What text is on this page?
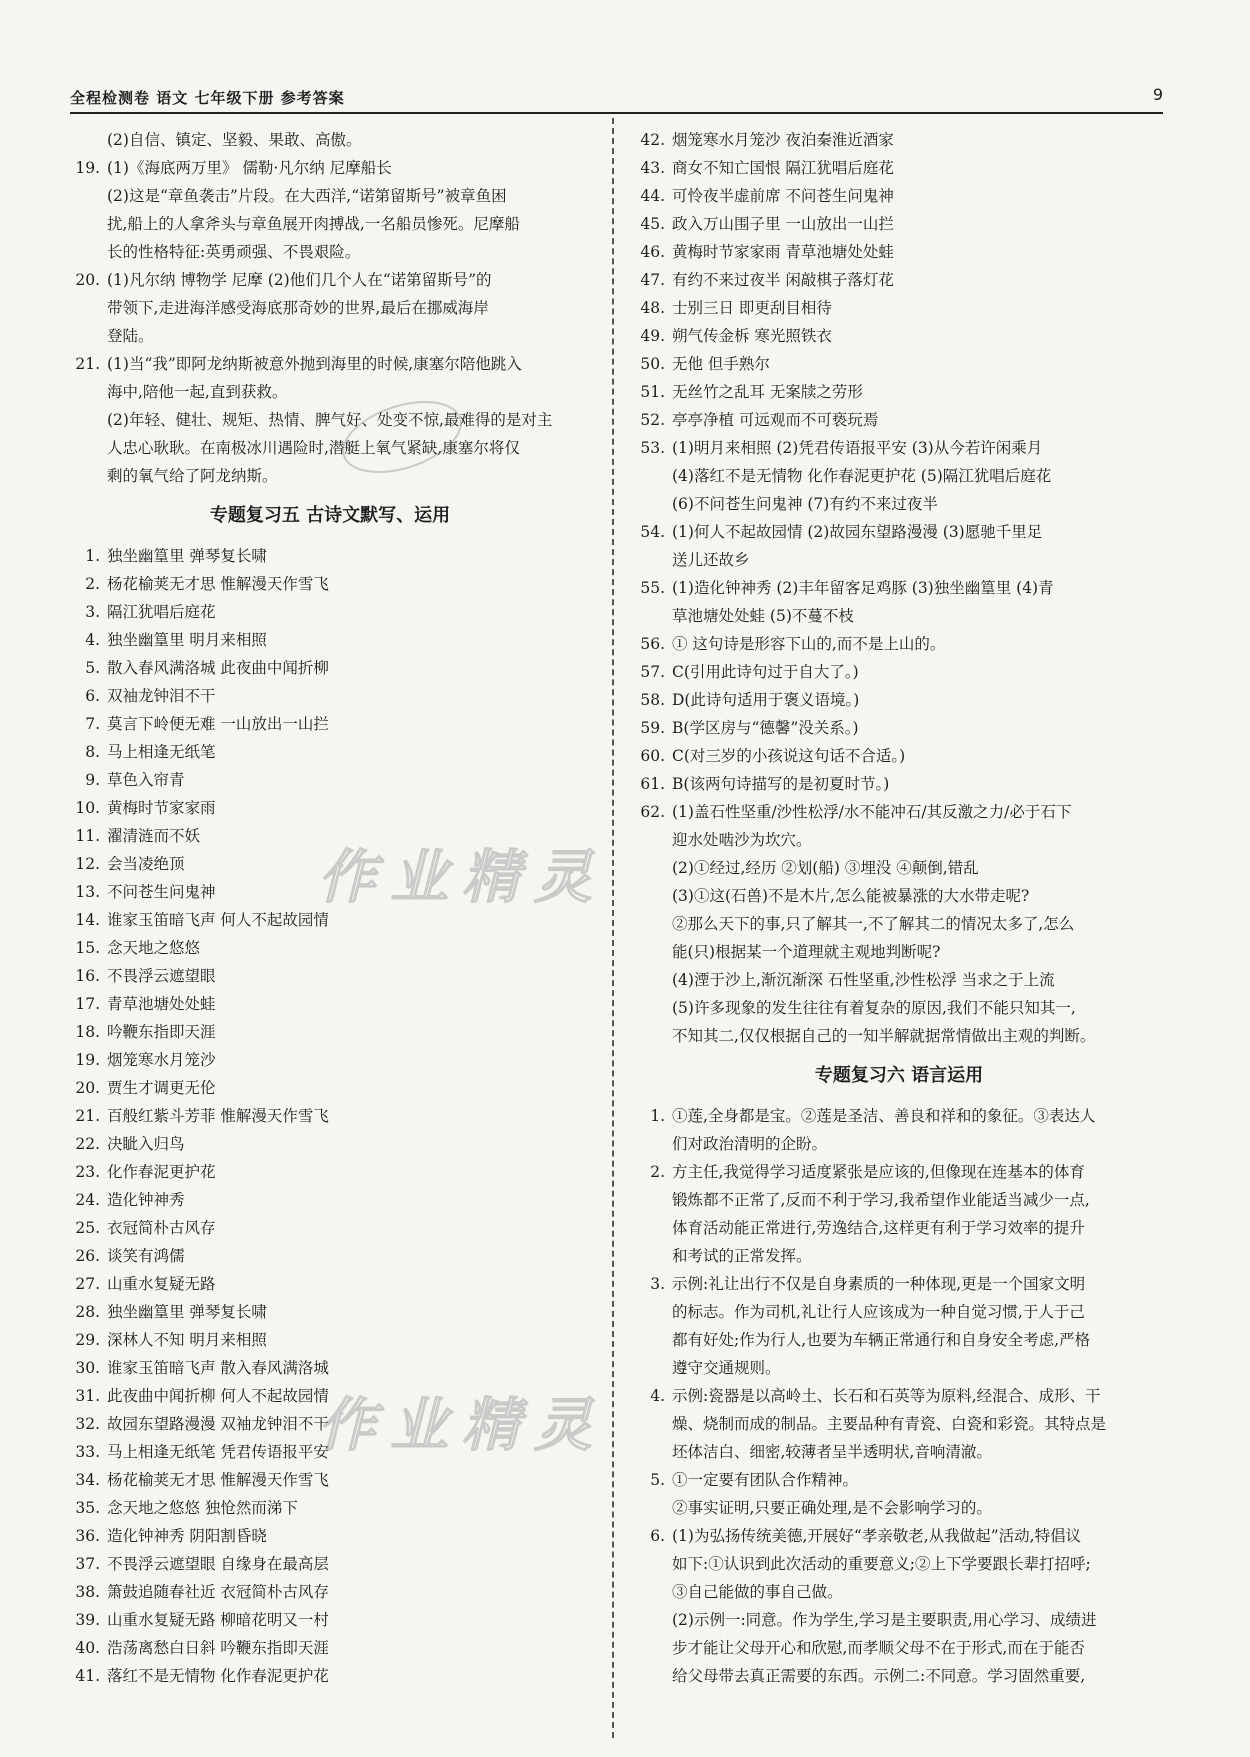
全程检测卷 语文 七年级下册 参考答案	9
(2)自信、镇定、坚毅、果敢、高傲。
19. (1)《海底两万里》 儒勒·凡尔纳 尼摩船长
(2)这是“章鱼袭击”片段。在大西洋,“诺第留斯号”被章鱼困
扰,船上的人拿斧头与章鱼展开肉搏战,一名船员惨死。尼摩船
长的性格特征:英勇顽强、不畏艰险。
20. (1)凡尔纳 博物学 尼摩 (2)他们几个人在“诺第留斯号”的
带领下,走进海洋感受海底那奇妙的世界,最后在挪威海岸
登陆。
21. (1)当“我”即阿龙纳斯被意外抛到海里的时候,康塞尔陪他跳入
海中,陪他一起,直到获救。
(2)年轻、健壮、规矩、热情、脾气好、处变不惊,最难得的是对主
人忠心耿耿。在南极冰川遇险时,潜艇上氧气紧缺,康塞尔将仅
剩的氧气给了阿龙纳斯。
专题复习五 古诗文默写、运用
1. 独坐幽篁里 弹琴复长啸
2. 杨花榆荚无才思 惟解漫天作雪飞
3. 隔江犹唱后庭花
4. 独坐幽篁里 明月来相照
5. 散入春风满洛城 此夜曲中闻折柳
6. 双袖龙钟泪不干
7. 莫言下岭便无难 一山放出一山拦
8. 马上相逢无纸笔
9. 草色入帘青
10. 黄梅时节家家雨
11. 濯清涟而不妖
12. 会当凌绝顶
13. 不问苍生问鬼神
14. 谁家玉笛暗飞声 何人不起故园情
15. 念天地之悠悠
16. 不畏浮云遮望眼
17. 青草池塘处处蛙
18. 吟鞭东指即天涯
19. 烟笼寒水月笼沙
20. 贾生才调更无伦
21. 百般红紫斗芳菲 惟解漫天作雪飞
22. 决眦入归鸟
23. 化作春泥更护花
24. 造化钟神秀
25. 衣冠简朴古风存
26. 谈笑有鸿儒
27. 山重水复疑无路
28. 独坐幽篁里 弹琴复长啸
29. 深林人不知 明月来相照
30. 谁家玉笛暗飞声 散入春风满洛城
31. 此夜曲中闻折柳 何人不起故园情
32. 故园东望路漫漫 双袖龙钟泪不干
33. 马上相逢无纸笔 凭君传语报平安
34. 杨花榆荚无才思 惟解漫天作雪飞
35. 念天地之悠悠 独怆然而涕下
36. 造化钟神秀 阴阳割昏晓
37. 不畏浮云遮望眼 自缘身在最高层
38. 箫鼓追随春社近 衣冠简朴古风存
39. 山重水复疑无路 柳暗花明又一村
40. 浩荡离愁白日斜 吟鞭东指即天涯
41. 落红不是无情物 化作春泥更护花
42. 烟笼寒水月笼沙 夜泊秦淮近酒家
43. 商女不知亡国恨 隔江犹唱后庭花
44. 可怜夜半虚前席 不问苍生问鬼神
45. 政入万山围子里 一山放出一山拦
46. 黄梅时节家家雨 青草池塘处处蛙
47. 有约不来过夜半 闲敲棋子落灯花
48. 士别三日 即更刮目相待
49. 朔气传金柝 寒光照铁衣
50. 无他 但手熟尔
51. 无丝竹之乱耳 无案牍之劳形
52. 亭亭净植 可远观而不可亵玩焉
53. (1)明月来相照 (2)凭君传语报平安 (3)从今若许闲乘月
(4)落红不是无情物 化作春泥更护花 (5)隔江犹唱后庭花
(6)不问苍生问鬼神 (7)有约不来过夜半
54. (1)何人不起故园情 (2)故园东望路漫漫 (3)愿驰千里足
送儿还故乡
55. (1)造化钟神秀 (2)丰年留客足鸡豚 (3)独坐幽篁里 (4)青
草池塘处处蛙 (5)不蔓不枝
56. ① 这句诗是形容下山的,而不是上山的。
57. C(引用此诗句过于自大了。)
58. D(此诗句适用于褒义语境。)
59. B(学区房与“德馨”没关系。)
60. C(对三岁的小孩说这句话不合适。)
61. B(该两句诗描写的是初夏时节。)
62. (1)盖石性坚重/沙性松浮/水不能冲石/其反激之力/必于石下
迎水处啮沙为坎穴。
(2)①经过,经历 ②划(船) ③埋没 ④颠倒,错乱
(3)①这(石兽)不是木片,怎么能被暴涨的大水带走呢?
②那么天下的事,只了解其一,不了解其二的情况太多了,怎么
能(只)根据某一个道理就主观地判断呢?
(4)湮于沙上,渐沉渐深 石性坚重,沙性松浮 当求之于上流
(5)许多现象的发生往往有着复杂的原因,我们不能只知其一,
不知其二,仅仅根据自己的一知半解就据常情做出主观的判断。
专题复习六 语言运用
1. ①莲,全身都是宝。②莲是圣洁、善良和祥和的象征。③表达人
们对政治清明的企盼。
2. 方主任,我觉得学习适度紧张是应该的,但像现在连基本的体育
锻炼都不正常了,反而不利于学习,我希望作业能适当减少一点,
体育活动能正常进行,劳逸结合,这样更有利于学习效率的提升
和考试的正常发挥。
3. 示例:礼让出行不仅是自身素质的一种体现,更是一个国家文明
的标志。作为司机,礼让行人应该成为一种自觉习惯,于人于己
都有好处;作为行人,也要为车辆正常通行和自身安全考虑,严格
遵守交通规则。
4. 示例:瓷器是以高岭土、长石和石英等为原料,经混合、成形、干
燥、烧制而成的制品。主要品种有青瓷、白瓷和彩瓷。其特点是
坯体洁白、细密,较薄者呈半透明状,音响清澈。
5. ①一定要有团队合作精神。
②事实证明,只要正确处理,是不会影响学习的。
6. (1)为弘扬传统美德,开展好“孝亲敬老,从我做起”活动,特倡议
如下:①认识到此次活动的重要意义;②上下学要跟长辈打招呼;
③自己能做的事自己做。
(2)示例一:同意。作为学生,学习是主要职责,用心学习、成绩进
步才能让父母开心和欣慰,而孝顺父母不在于形式,而在于能否
给父母带去真正需要的东西。示例二:不同意。学习固然重要,
作业精灵
作业精灵
